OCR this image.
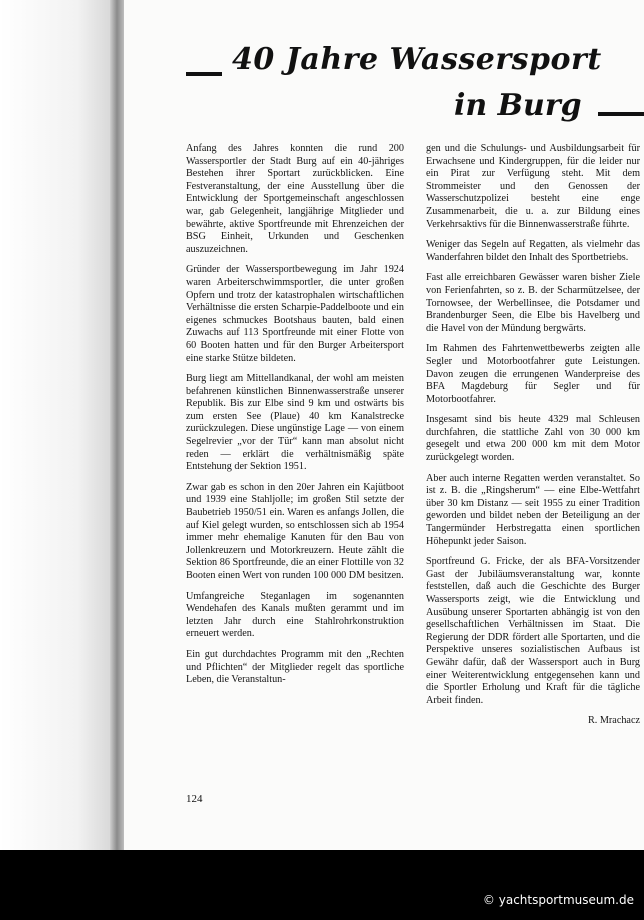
40 Jahre Wassersport
in Burg

Anfang des Jahres konnten die rund 200 Wassersportler der Stadt Burg auf ein 40-jähriges Bestehen ihrer Sportart zurückblicken. Eine Festveranstaltung, der eine Ausstellung über die Entwicklung der Sportgemeinschaft angeschlossen war, gab Gelegenheit, langjährige Mitglieder und bewährte, aktive Sportfreunde mit Ehrenzeichen der BSG Einheit, Urkunden und Geschenken auszuzeichnen.

Gründer der Wassersportbewegung im Jahr 1924 waren Arbeiterschwimmsportler, die unter großen Opfern und trotz der katastrophalen wirtschaftlichen Verhältnisse die ersten Scharpie-Paddelboote und ein eigenes schmuckes Bootshaus bauten, bald einen Zuwachs auf 113 Sportfreunde mit einer Flotte von 60 Booten hatten und für den Burger Arbeitersport eine starke Stütze bildeten.

Burg liegt am Mittellandkanal, der wohl am meisten befahrenen künstlichen Binnenwasserstraße unserer Republik. Bis zur Elbe sind 9 km und ostwärts bis zum ersten See (Plaue) 40 km Kanalstrecke zurückzulegen. Diese ungünstige Lage — von einem Segelrevier „vor der Tür“ kann man absolut nicht reden — erklärt die verhältnismäßig späte Entstehung der Sektion 1951.

Zwar gab es schon in den 20er Jahren ein Kajütboot und 1939 eine Stahljolle; im großen Stil setzte der Baubetrieb 1950/51 ein. Waren es anfangs Jollen, die auf Kiel gelegt wurden, so entschlossen sich ab 1954 immer mehr ehemalige Kanuten für den Bau von Jollenkreuzern und Motorkreuzern. Heute zählt die Sektion 86 Sportfreunde, die an einer Flottille von 32 Booten einen Wert von runden 100 000 DM besitzen.

Umfangreiche Steganlagen im sogenannten Wendehafen des Kanals mußten gerammt und im letzten Jahr durch eine Stahlrohrkonstruktion erneuert werden.

Ein gut durchdachtes Programm mit den „Rechten und Pflichten“ der Mitglieder regelt das sportliche Leben, die Veranstaltun-

gen und die Schulungs- und Ausbildungsarbeit für Erwachsene und Kindergruppen, für die leider nur ein Pirat zur Verfügung steht. Mit dem Strommeister und den Genossen der Wasserschutzpolizei besteht eine enge Zusammenarbeit, die u. a. zur Bildung eines Verkehrsaktivs für die Binnenwasserstraße führte.

Weniger das Segeln auf Regatten, als vielmehr das Wanderfahren bildet den Inhalt des Sportbetriebs.

Fast alle erreichbaren Gewässer waren bisher Ziele von Ferienfahrten, so z. B. der Scharmützelsee, der Tornowsee, der Werbellinsee, die Potsdamer und Brandenburger Seen, die Elbe bis Havelberg und die Havel von der Mündung bergwärts.

Im Rahmen des Fahrtenwettbewerbs zeigten alle Segler und Motorbootfahrer gute Leistungen. Davon zeugen die errungenen Wanderpreise des BFA Magdeburg für Segler und für Motorbootfahrer.

Insgesamt sind bis heute 4329 mal Schleusen durchfahren, die stattliche Zahl von 30 000 km gesegelt und etwa 200 000 km mit dem Motor zurückgelegt worden.

Aber auch interne Regatten werden veranstaltet. So ist z. B. die „Ringsherum“ — eine Elbe-Wettfahrt über 30 km Distanz — seit 1955 zu einer Tradition geworden und bildet neben der Beteiligung an der Tangermünder Herbstregatta einen sportlichen Höhepunkt jeder Saison.

Sportfreund G. Fricke, der als BFA-Vorsitzender Gast der Jubiläumsveranstaltung war, konnte feststellen, daß auch die Geschichte des Burger Wassersports zeigt, wie die Entwicklung und Ausübung unserer Sportarten abhängig ist von den gesellschaftlichen Verhältnissen im Staat. Die Regierung der DDR fördert alle Sportarten, und die Perspektive unseres sozialistischen Aufbaus ist Gewähr dafür, daß der Wassersport auch in Burg einer Weiterentwicklung entgegensehen kann und die Sportler Erholung und Kraft für die tägliche Arbeit finden.

R. Mrachacz

124
© yachtsportmuseum.de
